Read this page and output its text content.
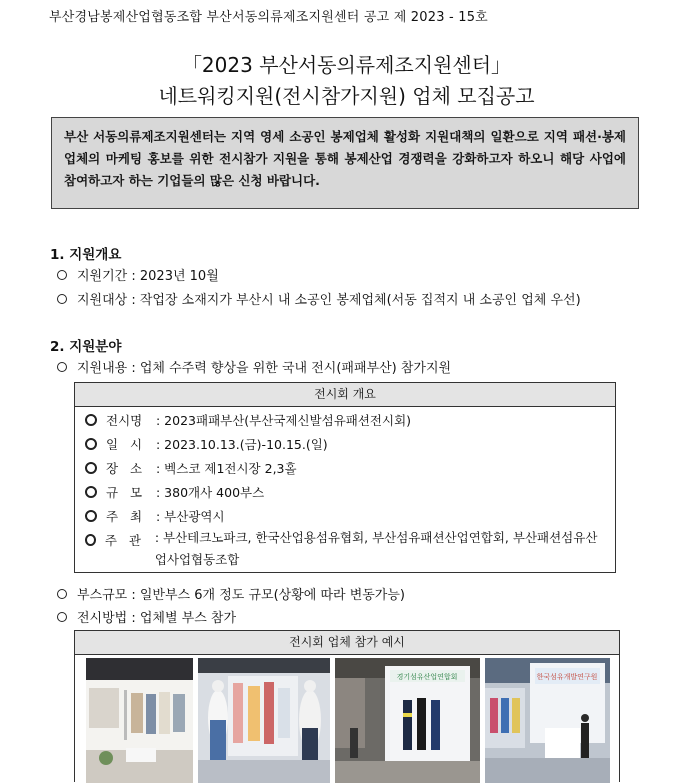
부산경남봉제산업협동조합 부산서동의류제조지원센터 공고 제 2023 - 15호
「2023 부산서동의류제조지원센터」
네트워킹지원(전시참가지원) 업체 모집공고
부산 서동의류제조지원센터는 지역 영세 소공인 봉제업체 활성화 지원대책의 일환으로 지역 패션·봉제업체의 마케팅 홍보를 위한 전시참가 지원을 통해 봉제산업 경쟁력을 강화하고자 하오니 해당 사업에 참여하고자 하는 기업들의 많은 신청 바랍니다.
1. 지원개요
지원기간 : 2023년 10월
지원대상 : 작업장 소재지가 부산시 내 소공인 봉제업체(서동 집적지 내 소공인 업체 우선)
2. 지원분야
지원내용 : 업체 수주력 향상을 위한 국내 전시(패패부산) 참가지원
전시회 개요
전시명	: 2023패패부산(부산국제신발섬유패션전시회)
일   시	: 2023.10.13.(금)-10.15.(일)
장   소	: 벡스코 제1전시장 2,3홀
규   모	: 380개사 400부스
주   최	: 부산광역시
주   관	: 부산테크노파크, 한국산업용섬유협회, 부산섬유패션산업연합회, 부산패션섬유산업사업협동조합
부스규모 : 일반부스 6개 정도 규모(상황에 따라 변동가능)
전시방법 : 업체별 부스 참가
전시회 업체 참가 예시
경기섬유산업연합회	한국섬유개발연구원
